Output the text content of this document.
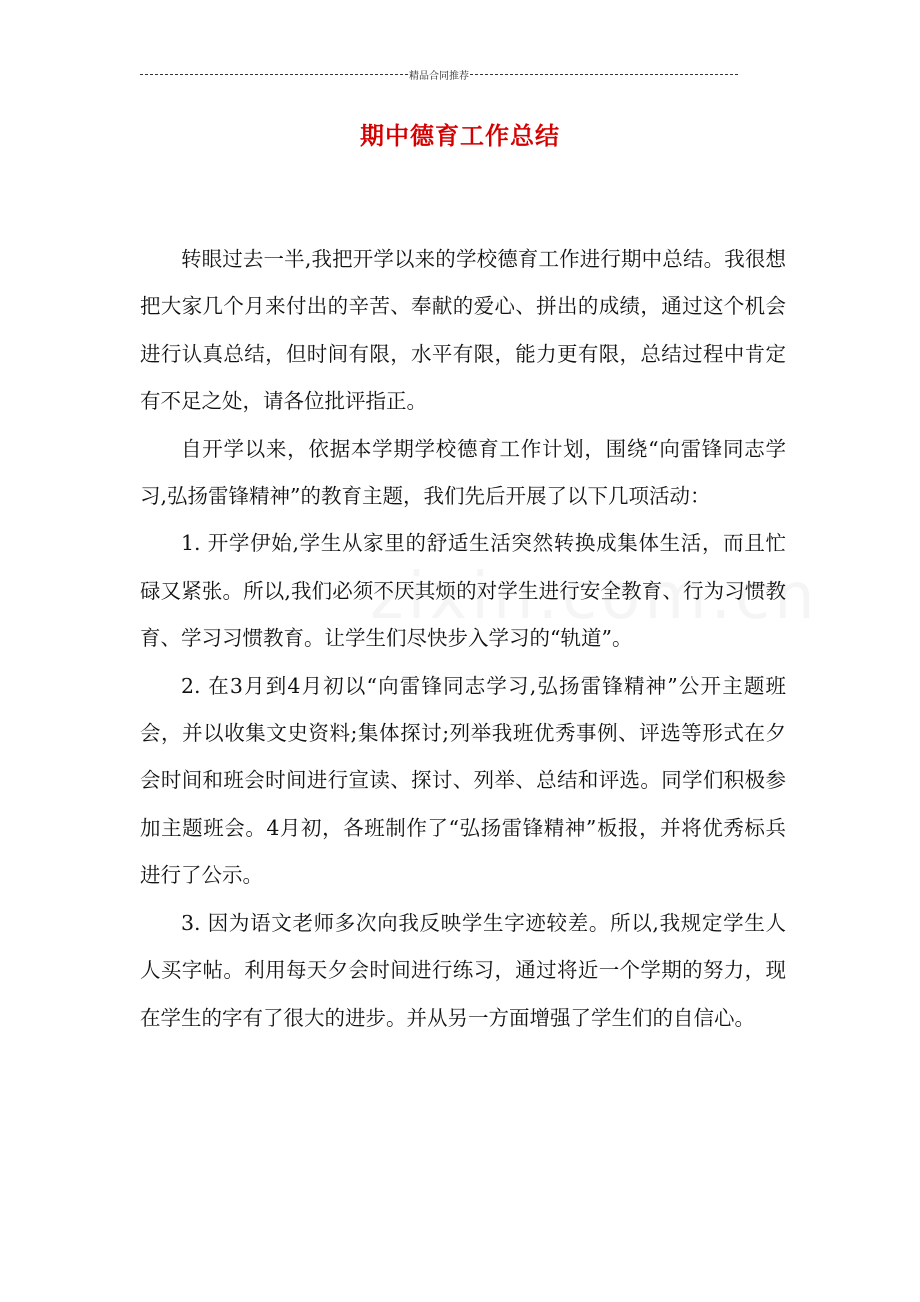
精品合同推荐
期中德育工作总结

转眼过去一半,我把开学以来的学校德育工作进行期中总结。我很想把大家几个月来付出的辛苦、奉献的爱心、拼出的成绩，通过这个机会进行认真总结，但时间有限，水平有限，能力更有限，总结过程中肯定有不足之处，请各位批评指正。

自开学以来，依据本学期学校德育工作计划，围绕“向雷锋同志学习,弘扬雷锋精神”的教育主题，我们先后开展了以下几项活动：

1. 开学伊始,学生从家里的舒适生活突然转换成集体生活，而且忙碌又紧张。所以,我们必须不厌其烦的对学生进行安全教育、行为习惯教育、学习习惯教育。让学生们尽快步入学习的“轨道”。

2. 在3月到4月初以“向雷锋同志学习,弘扬雷锋精神”公开主题班会，并以收集文史资料;集体探讨;列举我班优秀事例、评选等形式在夕会时间和班会时间进行宣读、探讨、列举、总结和评选。同学们积极参加主题班会。4月初，各班制作了“弘扬雷锋精神”板报，并将优秀标兵进行了公示。

3. 因为语文老师多次向我反映学生字迹较差。所以,我规定学生人人买字帖。利用每天夕会时间进行练习，通过将近一个学期的努力，现在学生的字有了很大的进步。并从另一方面增强了学生们的自信心。
